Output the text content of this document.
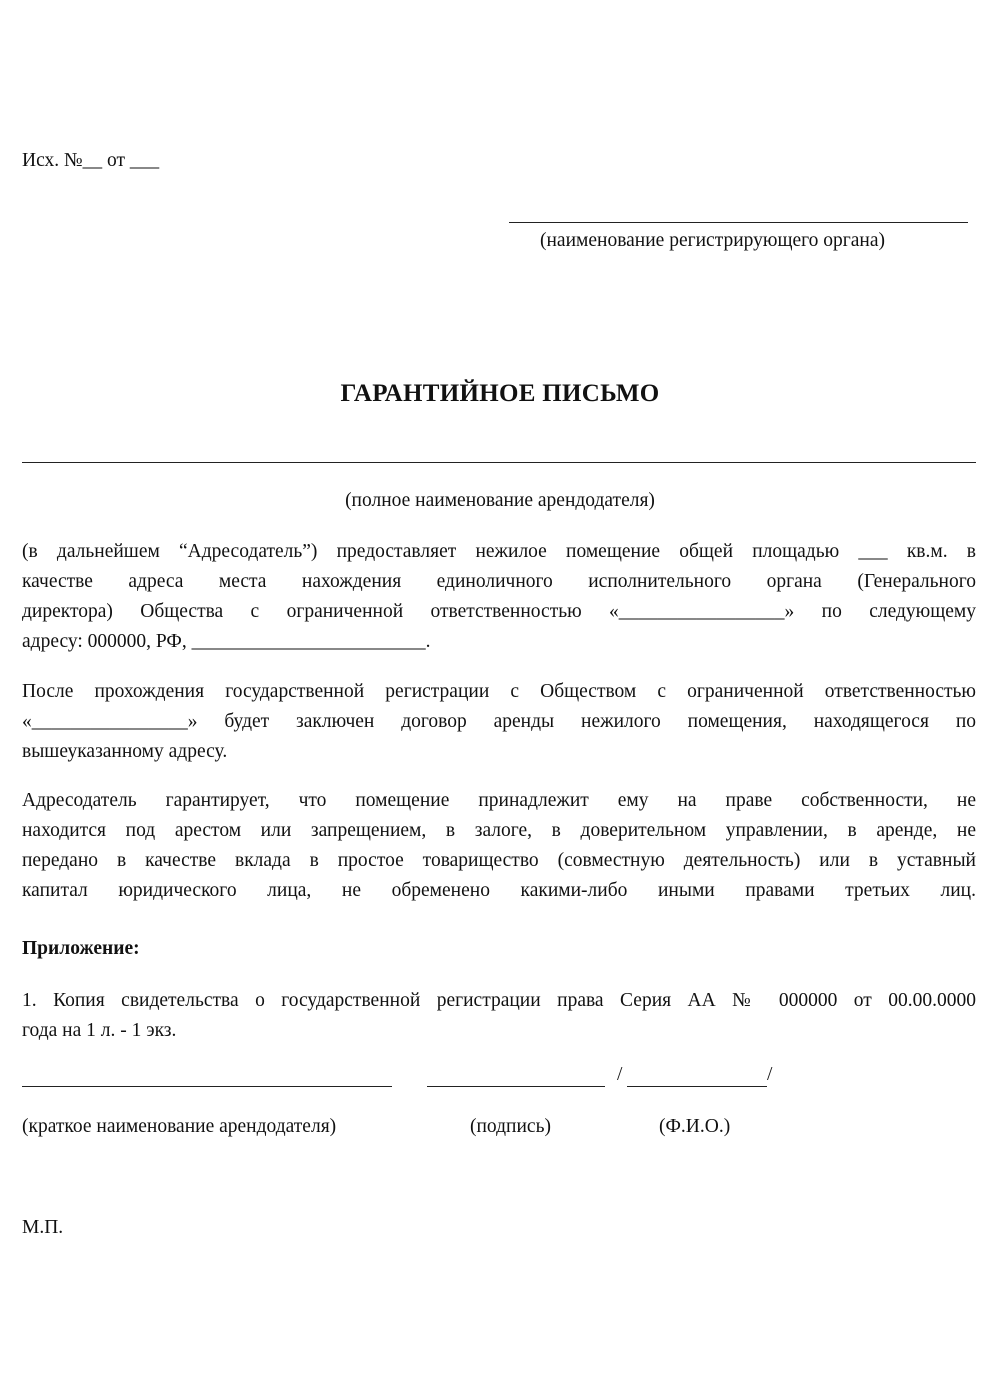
Исх. №__ от ___
(наименование регистрирующего органа)
ГАРАНТИЙНОЕ ПИСЬМО
(полное наименование арендодателя)
(в дальнейшем “Адресодатель”) предоставляет нежилое помещение общей площадью ___ кв.м. в
качестве адреса места нахождения единоличного исполнительного органа (Генерального
директора) Общества с ограниченной ответственностью «_________________» по следующему
адресу: 000000, РФ, ________________________.
После прохождения государственной регистрации с Обществом с ограниченной ответственностью
«________________» будет заключен договор аренды нежилого помещения, находящегося по
вышеуказанному адресу.
Адресодатель гарантирует, что помещение принадлежит ему на праве собственности, не
находится под арестом или запрещением, в залоге, в доверительном управлении, в аренде, не
передано в качестве вклада в простое товарищество (совместную деятельность) или в уставный
капитал юридического лица, не обременено какими-либо иными правами третьих лиц.
Приложение:
1. Копия свидетельства о государственной регистрации права Серия АА № 000000 от 00.00.0000
года на 1 л. - 1 экз.
/	/
(краткое наименование арендодателя)	(подпись)	(Ф.И.О.)
М.П.
